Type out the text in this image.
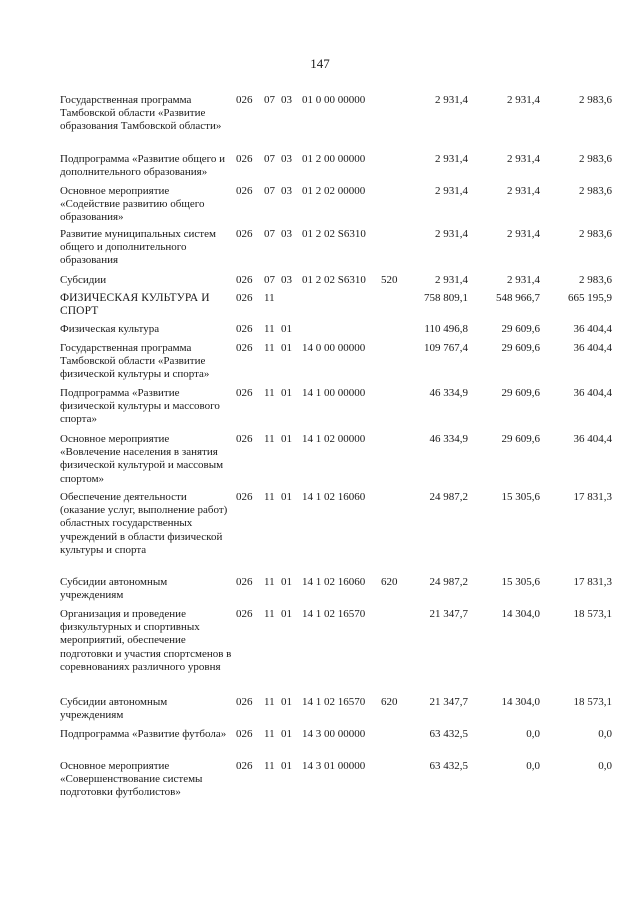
147
Государственная программа Тамбовской области «Развитие образования Тамбовской области»
026 07 03 01 0 00 00000	2 931,4	2 931,4	2 983,6
Подпрограмма «Развитие общего и дополнительного образования»
026 07 03 01 2 00 00000	2 931,4	2 931,4	2 983,6
Основное мероприятие «Содействие развитию общего образования»
026 07 03 01 2 02 00000	2 931,4	2 931,4	2 983,6
Развитие муниципальных систем общего и дополнительного образования
026 07 03 01 2 02 S6310	2 931,4	2 931,4	2 983,6
Субсидии	026 07 03 01 2 02 S6310 520	2 931,4	2 931,4	2 983,6
ФИЗИЧЕСКАЯ КУЛЬТУРА И СПОРТ
026 11	758 809,1	548 966,7	665 195,9
Физическая культура	026 11 01	110 496,8	29 609,6	36 404,4
Государственная программа Тамбовской области «Развитие физической культуры и спорта»
026 11 01 14 0 00 00000	109 767,4	29 609,6	36 404,4
Подпрограмма «Развитие физической культуры и массового спорта»
026 11 01 14 1 00 00000	46 334,9	29 609,6	36 404,4
Основное мероприятие «Вовлечение населения в занятия физической культурой и массовым спортом»
026 11 01 14 1 02 00000	46 334,9	29 609,6	36 404,4
Обеспечение деятельности (оказание услуг, выполнение работ) областных государственных учреждений в области физической культуры и спорта
026 11 01 14 1 02 16060	24 987,2	15 305,6	17 831,3
Субсидии автономным учреждениям
026 11 01 14 1 02 16060 620	24 987,2	15 305,6	17 831,3
Организация и проведение физкультурных и спортивных мероприятий, обеспечение подготовки и участия спортсменов в соревнованиях различного уровня
026 11 01 14 1 02 16570	21 347,7	14 304,0	18 573,1
Субсидии автономным учреждениям
026 11 01 14 1 02 16570 620	21 347,7	14 304,0	18 573,1
Подпрограмма «Развитие футбола» 026 11 01 14 3 00 00000	63 432,5	0,0	0,0
Основное мероприятие «Совершенствование системы подготовки футболистов»
026 11 01 14 3 01 00000	63 432,5	0,0	0,0
